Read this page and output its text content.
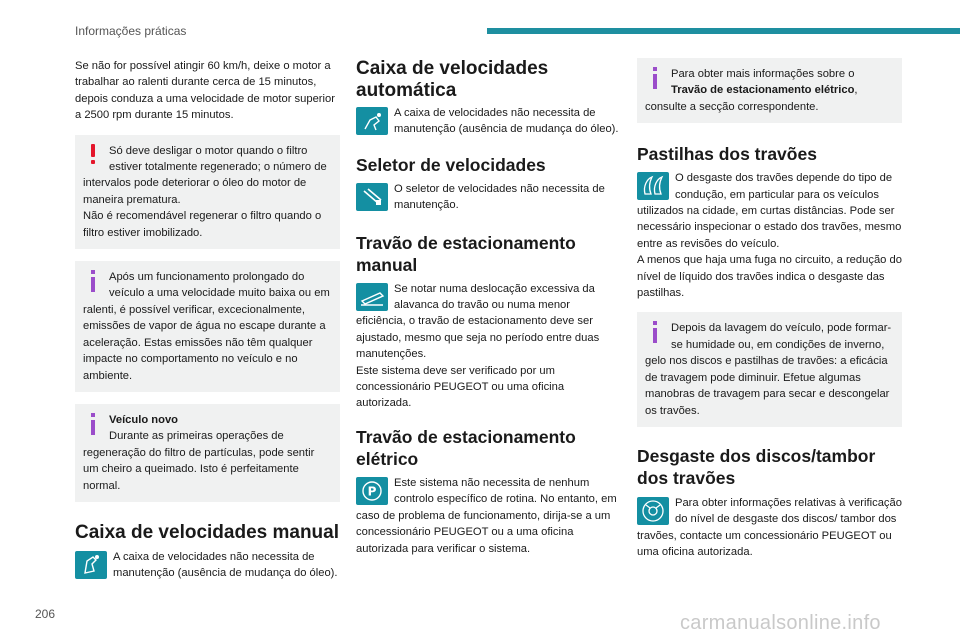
Informações práticas

Se não for possível atingir 60 km/h, deixe o motor a trabalhar ao ralenti durante cerca de 15 minutos, depois conduza a uma velocidade de motor superior a 2500 rpm durante 15 minutos.

Só deve desligar o motor quando o filtro estiver totalmente regenerado; o número de intervalos pode deteriorar o óleo do motor de maneira prematura.

Não é recomendável regenerar o filtro quando o filtro estiver imobilizado.

Após um funcionamento prolongado do veículo a uma velocidade muito baixa ou em ralenti, é possível verificar, excecionalmente, emissões de vapor de água no escape durante a aceleração. Estas emissões não têm qualquer impacte no comportamento no veículo e no ambiente.

Veículo novo

Durante as primeiras operações de regeneração do filtro de partículas, pode sentir um cheiro a queimado. Isto é perfeitamente normal.

Caixa de velocidades manual

A caixa de velocidades não necessita de manutenção (ausência de mudança do óleo).

Caixa de velocidades automática

A caixa de velocidades não necessita de manutenção (ausência de mudança do óleo).

Seletor de velocidades

O seletor de velocidades não necessita de manutenção.

Travão de estacionamento manual

Se notar numa deslocação excessiva da alavanca do travão ou numa menor eficiência, o travão de estacionamento deve ser ajustado, mesmo que seja no período entre duas manutenções.

Este sistema deve ser verificado por um concessionário PEUGEOT ou uma oficina autorizada.

Travão de estacionamento elétrico
P

Este sistema não necessita de nenhum controlo específico de rotina. No entanto, em caso de problema de funcionamento, dirija-se a um concessionário PEUGEOT ou a uma oficina autorizada para verificar o sistema.

Para obter mais informações sobre o Travão de estacionamento elétrico, consulte a secção correspondente.

Pastilhas dos travões

O desgaste dos travões depende do tipo de condução, em particular para os veículos utilizados na cidade, em curtas distâncias. Pode ser necessário inspecionar o estado dos travões, mesmo entre as revisões do veículo.

A menos que haja uma fuga no circuito, a redução do nível de líquido dos travões indica o desgaste das pastilhas.

Depois da lavagem do veículo, pode formar-se humidade ou, em condições de inverno, gelo nos discos e pastilhas de travões: a eficácia de travagem pode diminuir. Efetue algumas manobras de travagem para secar e descongelar os travões.

Desgaste dos discos/tambor dos travões

Para obter informações relativas à verificação do nível de desgaste dos discos/ tambor dos travões, contacte um concessionário PEUGEOT ou uma oficina autorizada.

206	carmanualsonline.info
